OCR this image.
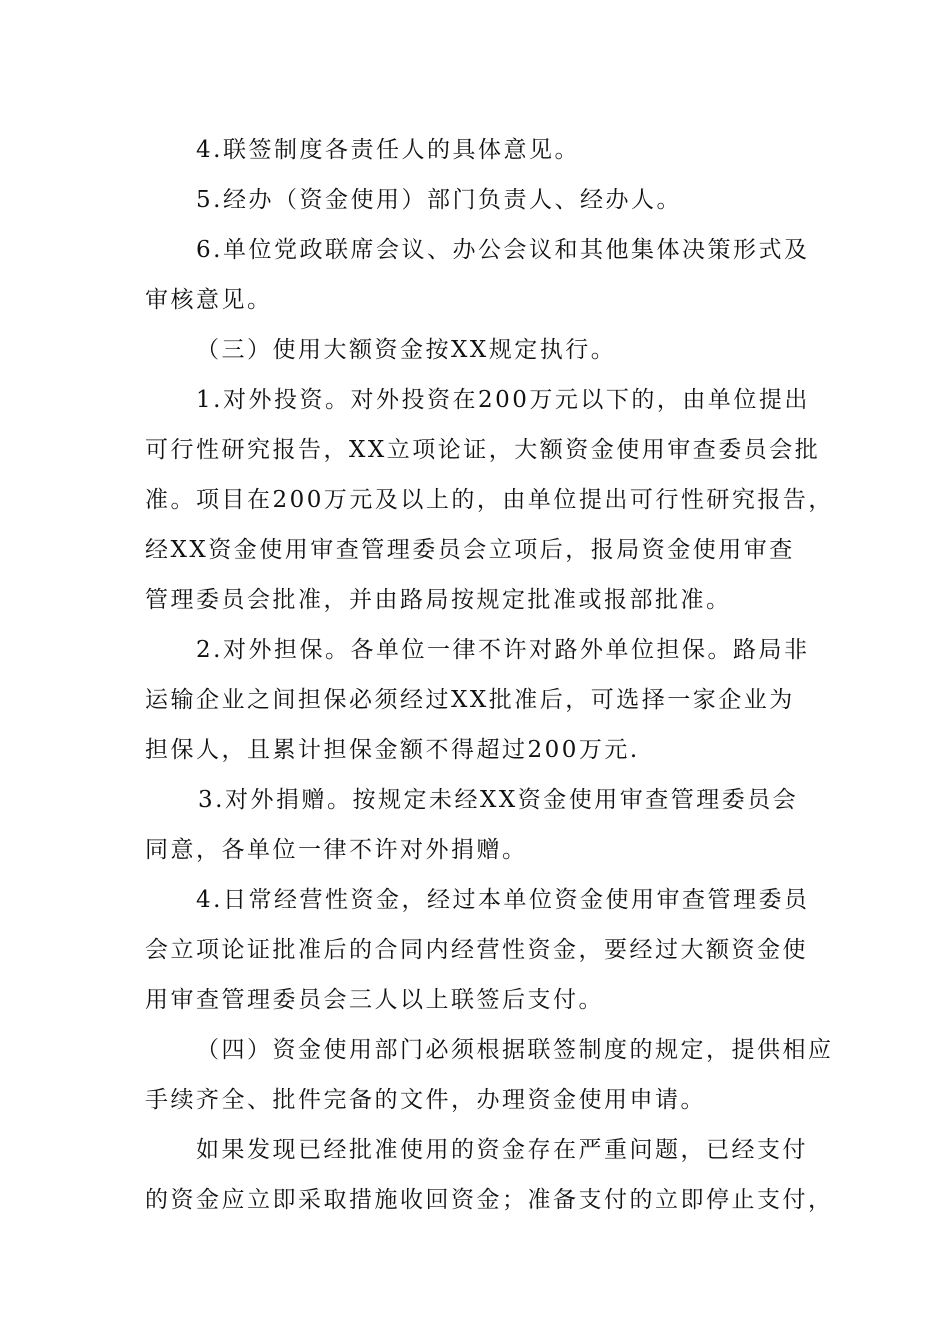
4.联签制度各责任人的具体意见。
5.经办（资金使用）部门负责人、经办人。
6.单位党政联席会议、办公会议和其他集体决策形式及
审核意见。
（三）使用大额资金按XX规定执行。
1.对外投资。对外投资在200万元以下的，由单位提出
可行性研究报告，XX立项论证，大额资金使用审查委员会批
准。项目在200万元及以上的，由单位提出可行性研究报告，
经XX资金使用审查管理委员会立项后，报局资金使用审查
管理委员会批准，并由路局按规定批准或报部批准。
2.对外担保。各单位一律不许对路外单位担保。路局非
运输企业之间担保必须经过XX批准后，可选择一家企业为
担保人，且累计担保金额不得超过200万元.
3.对外捐赠。按规定未经XX资金使用审查管理委员会
同意，各单位一律不许对外捐赠。
4.日常经营性资金，经过本单位资金使用审查管理委员
会立项论证批准后的合同内经营性资金，要经过大额资金使
用审查管理委员会三人以上联签后支付。
（四）资金使用部门必须根据联签制度的规定，提供相应
手续齐全、批件完备的文件，办理资金使用申请。
如果发现已经批准使用的资金存在严重问题，已经支付
的资金应立即采取措施收回资金；准备支付的立即停止支付，
